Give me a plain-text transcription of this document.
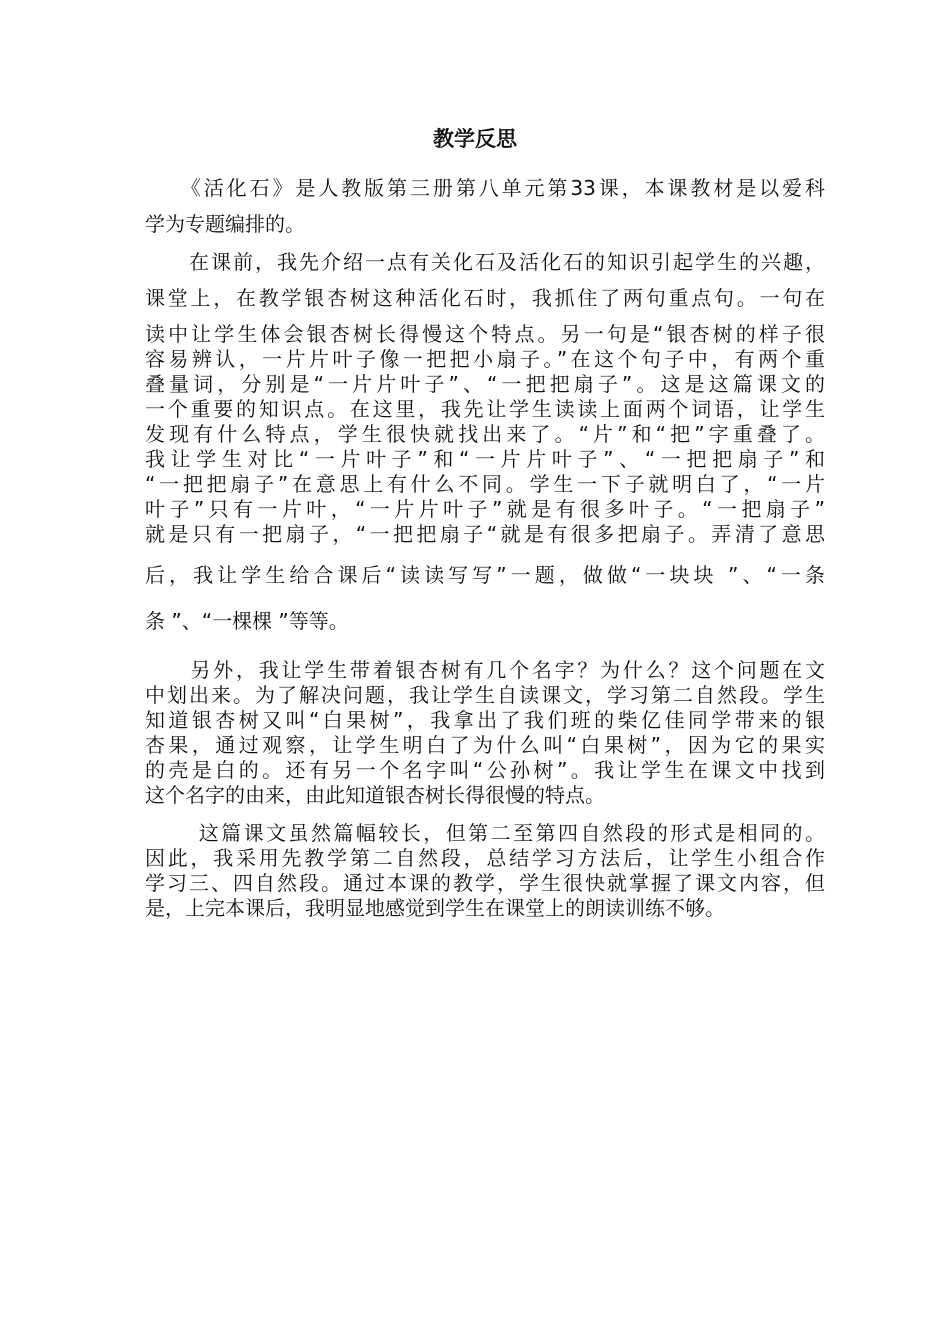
教学反思
　　《活化石》是人教版第三册第八单元第33课，本课教材是以爱科
学为专题编排的。
　　在课前，我先介绍一点有关化石及活化石的知识引起学生的兴趣，
课堂上，在教学银杏树这种活化石时，我抓住了两句重点句。一句在
读中让学生体会银杏树长得慢这个特点。另一句是“银杏树的样子很
容易辨认，一片片叶子像一把把小扇子。”在这个句子中，有两个重
叠量词，分别是“一片片叶子”、“一把把扇子”。这是这篇课文的
一个重要的知识点。在这里，我先让学生读读上面两个词语，让学生
发现有什么特点，学生很快就找出来了。“片”和“把”字重叠了。
我让学生对比“一片叶子”和“一片片叶子”、“一把把扇子”和
“一把把扇子”在意思上有什么不同。学生一下子就明白了，“一片
叶子”只有一片叶，“一片片叶子”就是有很多叶子。“一把扇子”
就是只有一把扇子，“一把把扇子“就是有很多把扇子。弄清了意思
后，我让学生给合课后“读读写写”一题，做做“一块块 ”、“一条
条 ”、“一棵棵 ”等等。
　　另外，我让学生带着银杏树有几个名字？为什么？这个问题在文
中划出来。为了解决问题，我让学生自读课文，学习第二自然段。学生
知道银杏树又叫“白果树”，我拿出了我们班的柴亿佳同学带来的银
杏果，通过观察，让学生明白了为什么叫“白果树”，因为它的果实
的壳是白的。还有另一个名字叫“公孙树”。我让学生在课文中找到
这个名字的由来，由此知道银杏树长得很慢的特点。
　　 这篇课文虽然篇幅较长，但第二至第四自然段的形式是相同的。
因此，我采用先教学第二自然段，总结学习方法后，让学生小组合作
学习三、四自然段。通过本课的教学，学生很快就掌握了课文内容，但
是，上完本课后，我明显地感觉到学生在课堂上的朗读训练不够。
